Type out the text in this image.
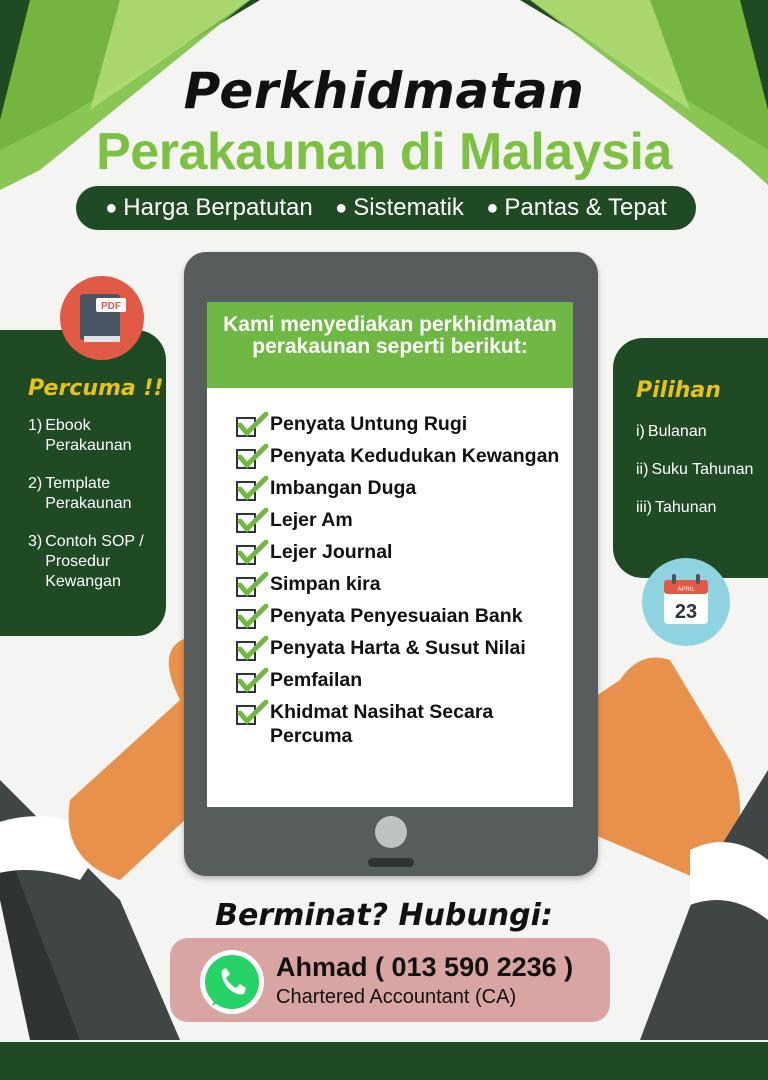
Perkhidmatan
Perakaunan di Malaysia
● Harga Berpatutan ● Sistematik ● Pantas & Tepat
PDF
Percuma !!
1) Ebook Perakaunan
2) Template Perakaunan
3) Contoh SOP / Prosedur Kewangan
Pilihan
i) Bulanan
ii) Suku Tahunan
iii) Tahunan
APRIL
23
Kami menyediakan perkhidmatan perakaunan seperti berikut:
Penyata Untung Rugi
Penyata Kedudukan Kewangan
Imbangan Duga
Lejer Am
Lejer Journal
Simpan kira
Penyata Penyesuaian Bank
Penyata Harta & Susut Nilai
Pemfailan
Khidmat Nasihat Secara Percuma
Berminat? Hubungi:
Ahmad ( 013 590 2236 )
Chartered Accountant (CA)
